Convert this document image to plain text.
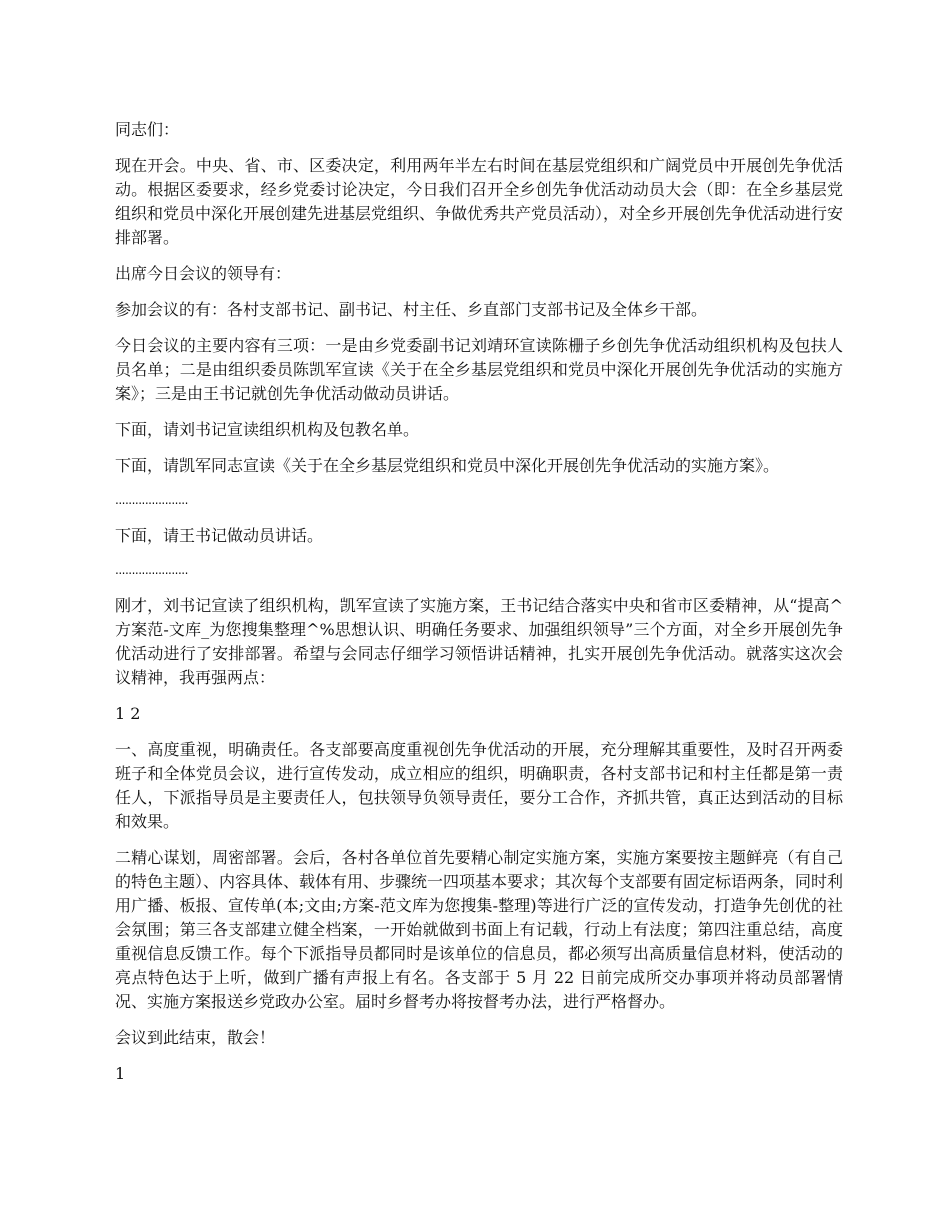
同志们：

现在开会。中央、省、市、区委决定，利用两年半左右时间在基层党组织和广阔党员中开展创先争优活动。根据区委要求，经乡党委讨论决定，今日我们召开全乡创先争优活动动员大会（即：在全乡基层党组织和党员中深化开展创建先进基层党组织、争做优秀共产党员活动），对全乡开展创先争优活动进行安排部署。

出席今日会议的领导有：

参加会议的有：各村支部书记、副书记、村主任、乡直部门支部书记及全体乡干部。

今日会议的主要内容有三项：一是由乡党委副书记刘靖环宣读陈栅子乡创先争优活动组织机构及包扶人员名单；二是由组织委员陈凯军宣读《关于在全乡基层党组织和党员中深化开展创先争优活动的实施方案》；三是由王书记就创先争优活动做动员讲话。

下面，请刘书记宣读组织机构及包教名单。

下面，请凯军同志宣读《关于在全乡基层党组织和党员中深化开展创先争优活动的实施方案》。

......................

下面，请王书记做动员讲话。

......................

刚才，刘书记宣读了组织机构，凯军宣读了实施方案，王书记结合落实中央和省市区委精神，从“提高^方案范-文库_为您搜集整理^%思想认识、明确任务要求、加强组织领导”三个方面，对全乡开展创先争优活动进行了安排部署。希望与会同志仔细学习领悟讲话精神，扎实开展创先争优活动。就落实这次会议精神，我再强两点：

1 2

一、高度重视，明确责任。各支部要高度重视创先争优活动的开展，充分理解其重要性，及时召开两委班子和全体党员会议，进行宣传发动，成立相应的组织，明确职责，各村支部书记和村主任都是第一责任人，下派指导员是主要责任人，包扶领导负领导责任，要分工合作，齐抓共管，真正达到活动的目标和效果。

二精心谋划，周密部署。会后，各村各单位首先要精心制定实施方案，实施方案要按主题鲜亮（有自己的特色主题）、内容具体、载体有用、步骤统一四项基本要求；其次每个支部要有固定标语两条，同时利用广播、板报、宣传单(本;文由;方案-范文库为您搜集-整理)等进行广泛的宣传发动，打造争先创优的社会氛围；第三各支部建立健全档案，一开始就做到书面上有记载，行动上有法度；第四注重总结，高度重视信息反馈工作。每个下派指导员都同时是该单位的信息员，都必须写出高质量信息材料，使活动的亮点特色达于上听，做到广播有声报上有名。各支部于 5 月 22 日前完成所交办事项并将动员部署情况、实施方案报送乡党政办公室。届时乡督考办将按督考办法，进行严格督办。

会议到此结束，散会！

1
